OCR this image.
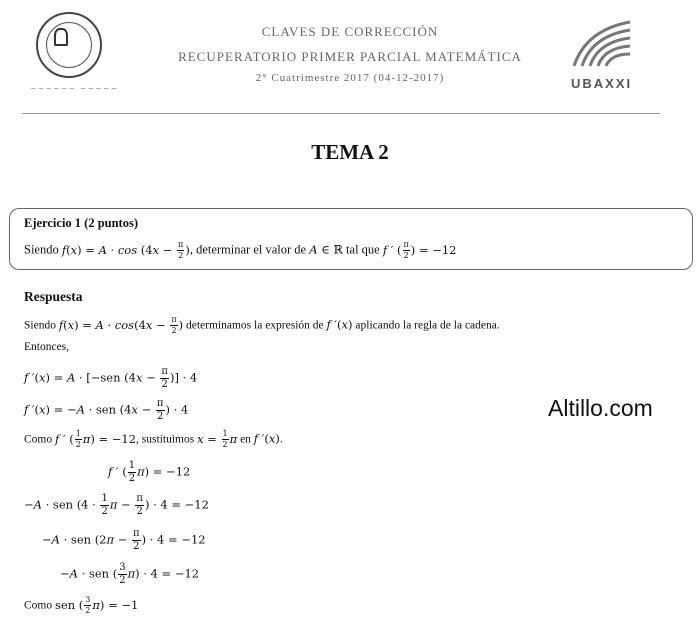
~~~~~~ ~~~~~
CLAVES DE CORRECCIÓN
RECUPERATORIO PRIMER PARCIAL MATEMÁTICA
2° Cuatrimestre 2017 (04-12-2017)	UBAXXI
TEMA 2
Ejercicio 1 (2 puntos)
Siendo $f(x) = A \cdot \cos (4x - \frac{\pi}{2}$ ), determinar el valor de A ∈ ℝ tal que f ′ ( $\frac{\pi}{2}$ ) = −12
Respuesta
Siendo $f(x) = A \cdot \cos(4x - \frac{\pi}{2}$ ) determinamos la expresión de f ′(x) aplicando la regla de la cadena.
Entonces,
f ′(x) = A · [−sen ($4x - \frac{\pi}{2}$ )] · 4
f ′(x) = −A · sen ($4x - \frac{\pi}{2}$ ) · 4
Como f ′ ( $\frac{1}{2} \pi) = -12$, sustituimos $x = \frac{1}{2}$ π en f ′(x).
f ′ ( $\frac{1}{2} \pi) = -12$
−A · sen ($4 \cdot \frac{1}{2}$ $\pi - \frac{\pi}{2}$ ) · 4 = −12
−A · sen ($2\pi - \frac{\pi}{2}$ ) · 4 = −12
−A · sen ( $\frac{3}{2} \pi) \cdot 4 = -12$
Como sen ( $\frac{3}{2} \pi) = -1$
Altillo.com
